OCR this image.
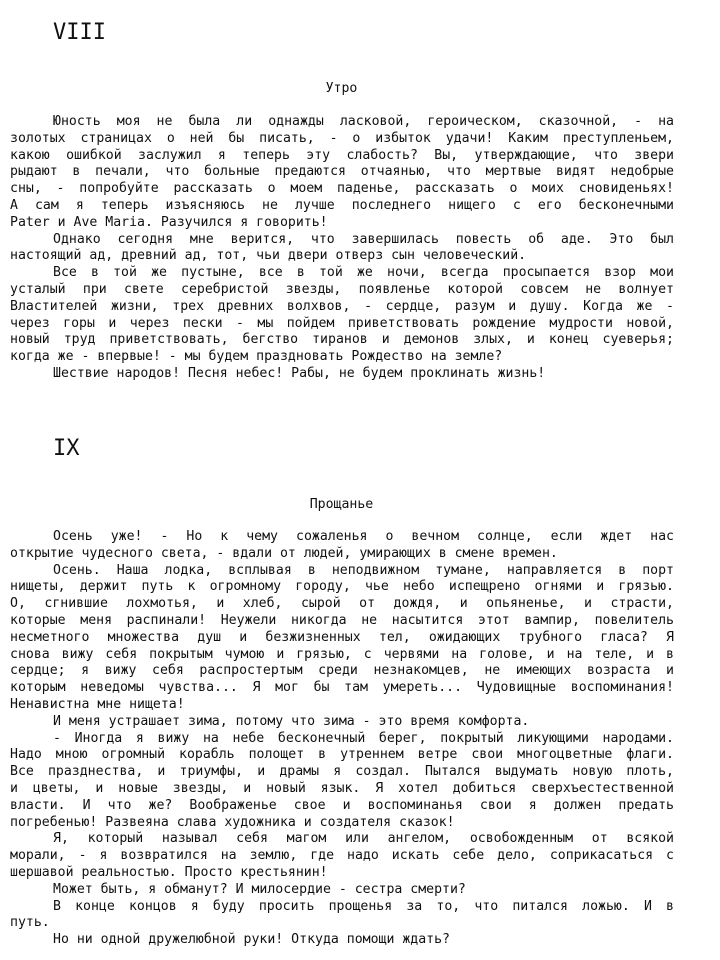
VIII
Утро
Юность моя не была ли однажды ласковой, героическом, сказочной, - на
золотых страницах о ней бы писать, - о избыток удачи! Каким преступленьем,
какою ошибкой заслужил я теперь эту слабость? Вы, утверждающие, что звери
рыдают в печали, что больные предаются отчаянью, что мертвые видят недобрые
сны, - попробуйте рассказать о моем паденье, рассказать о моих сновиденьях!
А сам я теперь изъясняюсь не лучше последнего нищего с его бесконечными
Pater и Ave Maria. Разучился я говорить!
Однако сегодня мне верится, что завершилась повесть об аде. Это был
настоящий ад, древний ад, тот, чьи двери отверз сын человеческий.
Все в той же пустыне, все в той же ночи, всегда просыпается взор мои
усталый при свете серебристой звезды, появленье которой совсем не волнует
Властителей жизни, трех древних волхвов, - сердце, разум и душу. Когда же -
через горы и через пески - мы пойдем приветствовать рождение мудрости новой,
новый труд приветствовать, бегство тиранов и демонов злых, и конец суеверья;
когда же - впервые! - мы будем праздновать Рождество на земле?
Шествие народов! Песня небес! Рабы, не будем проклинать жизнь!
IX
Прощанье
Осень уже! - Но к чему сожаленья о вечном солнце, если ждет нас
открытие чудесного света, - вдали от людей, умирающих в смене времен.
Осень. Наша лодка, всплывая в неподвижном тумане, направляется в порт
нищеты, держит путь к огромному городу, чье небо испещрено огнями и грязью.
О, сгнившие лохмотья, и хлеб, сырой от дождя, и опьяненье, и страсти,
которые меня распинали! Неужели никогда не насытится этот вампир, повелитель
несметного множества душ и безжизненных тел, ожидающих трубного гласа? Я
снова вижу себя покрытым чумою и грязью, с червями на голове, и на теле, и в
сердце; я вижу себя распростертым среди незнакомцев, не имеющих возраста и
которым неведомы чувства... Я мог бы там умереть... Чудовищные воспоминания!
Ненавистна мне нищета!
И меня устрашает зима, потому что зима - это время комфорта.
- Иногда я вижу на небе бесконечный берег, покрытый ликующими народами.
Надо мною огромный корабль полощет в утреннем ветре свои многоцветные флаги.
Все празднества, и триумфы, и драмы я создал. Пытался выдумать новую плоть,
и цветы, и новые звезды, и новый язык. Я хотел добиться сверхъестественной
власти. И что же? Воображенье свое и воспоминанья свои я должен предать
погребенью! Развеяна слава художника и создателя сказок!
Я, который называл себя магом или ангелом, освобожденным от всякой
морали, - я возвратился на землю, где надо искать себе дело, соприкасаться с
шершавой реальностью. Просто крестьянин!
Может быть, я обманут? И милосердие - сестра смерти?
В конце концов я буду просить прощенья за то, что питался ложью. И в
путь.
Но ни одной дружелюбной руки! Откуда помощи ждать?
